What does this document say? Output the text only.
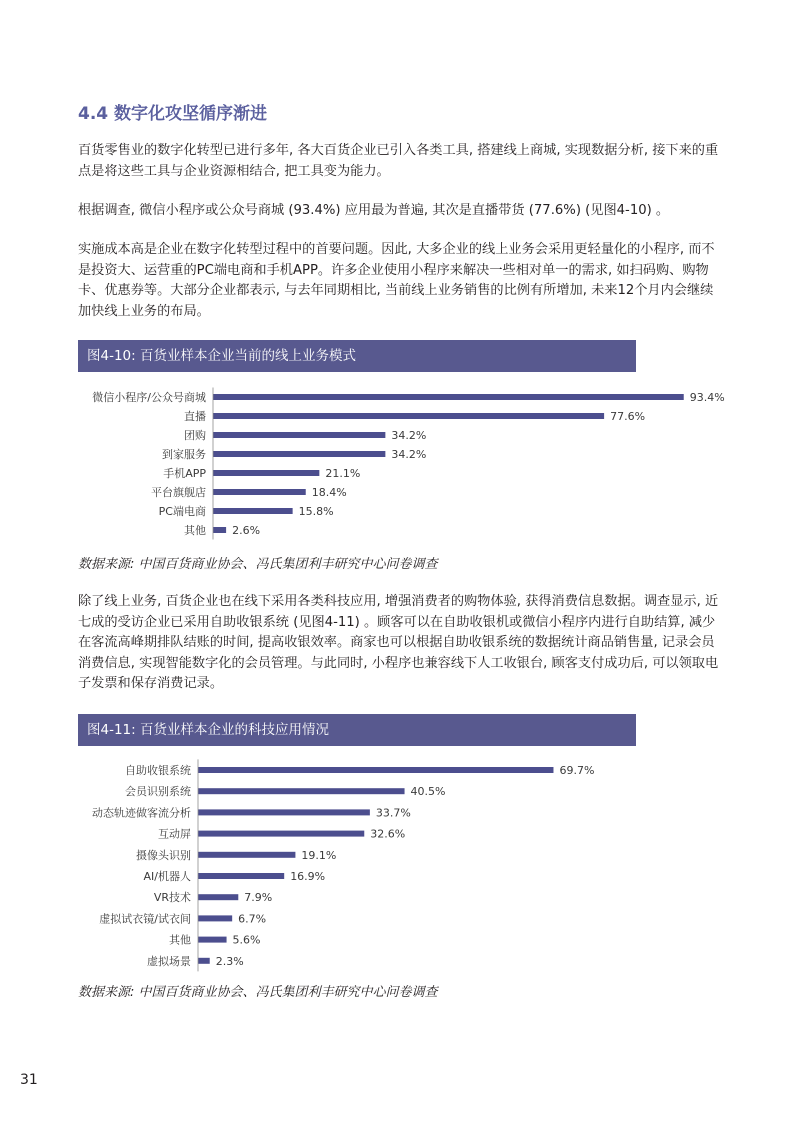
4.4 数字化攻坚循序渐进

百货零售业的数字化转型已进行多年, 各大百货企业已引入各类工具, 搭建线上商城, 实现数据分析, 接下来的重点是将这些工具与企业资源相结合, 把工具变为能力。

根据调查, 微信小程序或公众号商城 (93.4%) 应用最为普遍, 其次是直播带货 (77.6%) (见图4-10) 。

实施成本高是企业在数字化转型过程中的首要问题。因此, 大多企业的线上业务会采用更轻量化的小程序, 而不是投资大、运营重的PC端电商和手机APP。许多企业使用小程序来解决一些相对单一的需求, 如扫码购、购物卡、优惠券等。大部分企业都表示, 与去年同期相比, 当前线上业务销售的比例有所增加, 未来12个月内会继续加快线上业务的布局。

图4-10: 百货业样本企业当前的线上业务模式
微信小程序/公众号商城	93.4%
直播	77.6%
团购	34.2%
到家服务	34.2%
手机APP	21.1%
平台旗舰店	18.4%
PC端电商	15.8%
其他 2.6%

数据来源: 中国百货商业协会、冯氏集团利丰研究中心问卷调查

除了线上业务, 百货企业也在线下采用各类科技应用, 增强消费者的购物体验, 获得消费信息数据。调查显示, 近七成的受访企业已采用自助收银系统 (见图4-11) 。顾客可以在自助收银机或微信小程序内进行自助结算, 减少在客流高峰期排队结账的时间, 提高收银效率。商家也可以根据自助收银系统的数据统计商品销售量, 记录会员消费信息, 实现智能数字化的会员管理。与此同时, 小程序也兼容线下人工收银台, 顾客支付成功后, 可以领取电子发票和保存消费记录。

图4-11: 百货业样本企业的科技应用情况
自助收银系统	69.7%
会员识别系统	40.5%
动态轨迹做客流分析	33.7%
互动屏	32.6%
摄像头识别	19.1%
AI/机器人	16.9%
VR技术	7.9%
虚拟试衣镜/试衣间	6.7%
其他	5.6%
虚拟场景 2.3%

数据来源: 中国百货商业协会、冯氏集团利丰研究中心问卷调查

31
